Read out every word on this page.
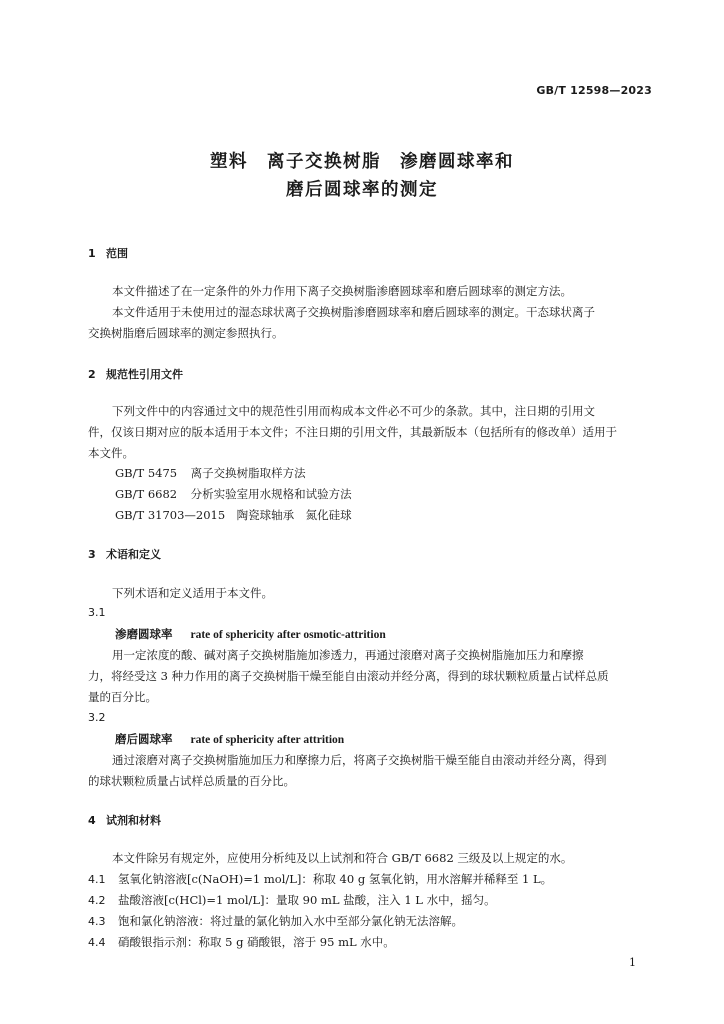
GB/T 12598—2023
塑料　离子交换树脂　渗磨圆球率和
磨后圆球率的测定
1 范围
本文件描述了在一定条件的外力作用下离子交换树脂渗磨圆球率和磨后圆球率的测定方法。
本文件适用于未使用过的湿态球状离子交换树脂渗磨圆球率和磨后圆球率的测定。干态球状离子
交换树脂磨后圆球率的测定参照执行。
2 规范性引用文件
下列文件中的内容通过文中的规范性引用而构成本文件必不可少的条款。其中，注日期的引用文
件，仅该日期对应的版本适用于本文件；不注日期的引用文件，其最新版本（包括所有的修改单）适用于
本文件。
GB/T 5475 离子交换树脂取样方法
GB/T 6682 分析实验室用水规格和试验方法
GB/T 31703—2015 陶瓷球轴承　氮化硅球
3 术语和定义
下列术语和定义适用于本文件。
3.1
渗磨圆球率 rate of sphericity after osmotic-attrition
用一定浓度的酸、碱对离子交换树脂施加渗透力，再通过滚磨对离子交换树脂施加压力和摩擦
力，将经受这 3 种力作用的离子交换树脂干燥至能自由滚动并经分离，得到的球状颗粒质量占试样总质
量的百分比。
3.2
磨后圆球率 rate of sphericity after attrition
通过滚磨对离子交换树脂施加压力和摩擦力后，将离子交换树脂干燥至能自由滚动并经分离，得到
的球状颗粒质量占试样总质量的百分比。
4 试剂和材料
本文件除另有规定外，应使用分析纯及以上试剂和符合 GB/T 6682 三级及以上规定的水。
4.1 氢氧化钠溶液[c(NaOH)=1 mol/L]：称取 40 g 氢氧化钠，用水溶解并稀释至 1 L。
4.2 盐酸溶液[c(HCl)=1 mol/L]：量取 90 mL 盐酸，注入 1 L 水中，摇匀。
4.3 饱和氯化钠溶液：将过量的氯化钠加入水中至部分氯化钠无法溶解。
4.4 硝酸银指示剂：称取 5 g 硝酸银，溶于 95 mL 水中。
1
